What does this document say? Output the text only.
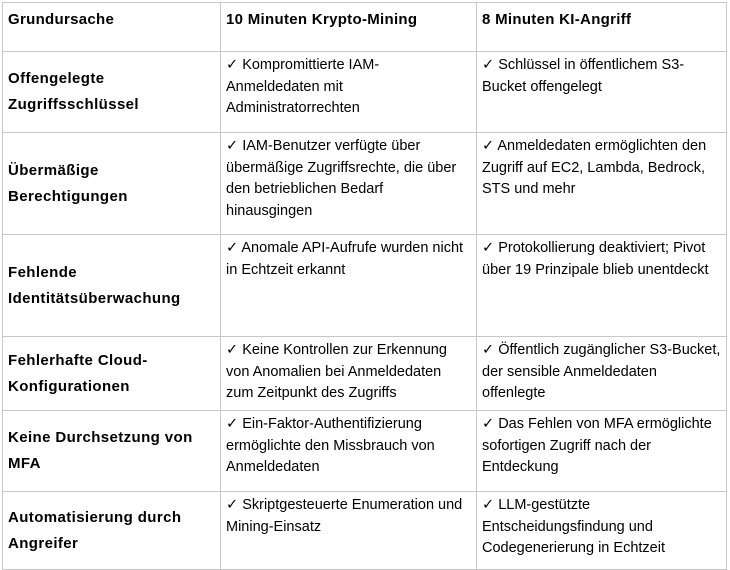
Grundursache	10 Minuten Krypto-Mining	8 Minuten KI-Angriff
Offengelegte Zugriffsschlüssel	✓ Kompromittierte IAM-Anmeldedaten mit Administratorrechten	✓ Schlüssel in öffentlichem S3-Bucket offengelegt
Übermäßige Berechtigungen	✓ IAM-Benutzer verfügte über übermäßige Zugriffsrechte, die über den betrieblichen Bedarf hinausgingen	✓ Anmeldedaten ermöglichten den Zugriff auf EC2, Lambda, Bedrock, STS und mehr
Fehlende Identitätsüberwachung	✓ Anomale API-Aufrufe wurden nicht in Echtzeit erkannt	✓ Protokollierung deaktiviert; Pivot über 19 Prinzipale blieb unentdeckt
Fehlerhafte Cloud-Konfigurationen	✓ Keine Kontrollen zur Erkennung von Anomalien bei Anmeldedaten zum Zeitpunkt des Zugriffs	✓ Öffentlich zugänglicher S3-Bucket, der sensible Anmeldedaten offenlegte
Keine Durchsetzung von MFA	✓ Ein-Faktor-Authentifizierung ermöglichte den Missbrauch von Anmeldedaten	✓ Das Fehlen von MFA ermöglichte sofortigen Zugriff nach der Entdeckung
Automatisierung durch Angreifer	✓ Skriptgesteuerte Enumeration und Mining-Einsatz	✓ LLM-gestützte Entscheidungsfindung und Codegenerierung in Echtzeit
